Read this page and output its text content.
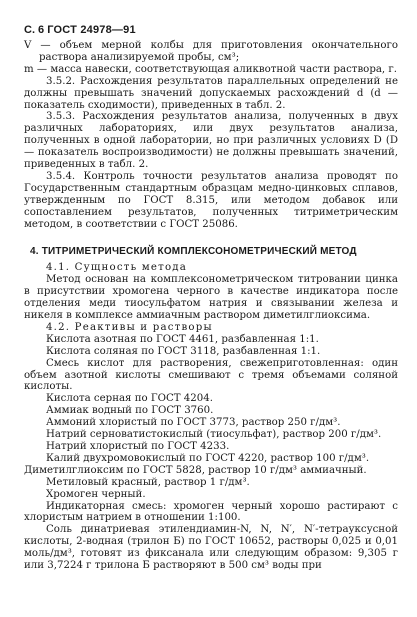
С. 6 ГОСТ 24978—91

V — объем мерной колбы для приготовления окончательного раствора анализируемой пробы, см³;

m — масса навески, соответствующая аликвотной части раствора, г.

3.5.2. Расхождения результатов параллельных определений не должны превышать значений допускаемых расхождений d (d — показатель сходимости), приведенных в табл. 2.

3.5.3. Расхождения результатов анализа, полученных в двух различных лабораториях, или двух результатов анализа, полученных в одной лаборатории, но при различных условиях D (D — показатель воспроизводимости) не должны превышать значений, приведенных в табл. 2.

3.5.4. Контроль точности результатов анализа проводят по Государственным стандартным образцам медно-цинковых сплавов, утвержденным по ГОСТ 8.315, или методом добавок или сопоставлением результатов, полученных титриметрическим методом, в соответствии с ГОСТ 25086.

4. ТИТРИМЕТРИЧЕСКИЙ КОМПЛЕКСОНОМЕТРИЧЕСКИЙ МЕТОД

4.1. Сущность метода

Метод основан на комплексонометрическом титровании цинка в присутствии хромогена черного в качестве индикатора после отделения меди тиосульфатом натрия и связывании железа и никеля в комплексе аммиачным раствором диметилглиоксима.

4.2. Реактивы и растворы

Кислота азотная по ГОСТ 4461, разбавленная 1:1.

Кислота соляная по ГОСТ 3118, разбавленная 1:1.

Смесь кислот для растворения, свежеприготовленная: один объем азотной кислоты смешивают с тремя объемами соляной кислоты.

Кислота серная по ГОСТ 4204.

Аммиак водный по ГОСТ 3760.

Аммоний хлористый по ГОСТ 3773, раствор 250 г/дм³.

Натрий серноватистокислый (тиосульфат), раствор 200 г/дм³.

Натрий хлористый по ГОСТ 4233.

Калий двухромовокислый по ГОСТ 4220, раствор 100 г/дм³.

Диметилглиоксим по ГОСТ 5828, раствор 10 г/дм³ аммиачный.

Метиловый красный, раствор 1 г/дм³.

Хромоген черный.

Индикаторная смесь: хромоген черный хорошо растирают с хлористым натрием в отношении 1:100.

Соль динатриевая этилендиамин-N, N, N′, N′-тетрауксусной кислоты, 2-водная (трилон Б) по ГОСТ 10652, растворы 0,025 и 0,01 моль/дм³, готовят из фиксанала или следующим образом: 9,305 г или 3,7224 г трилона Б растворяют в 500 см³ воды при
